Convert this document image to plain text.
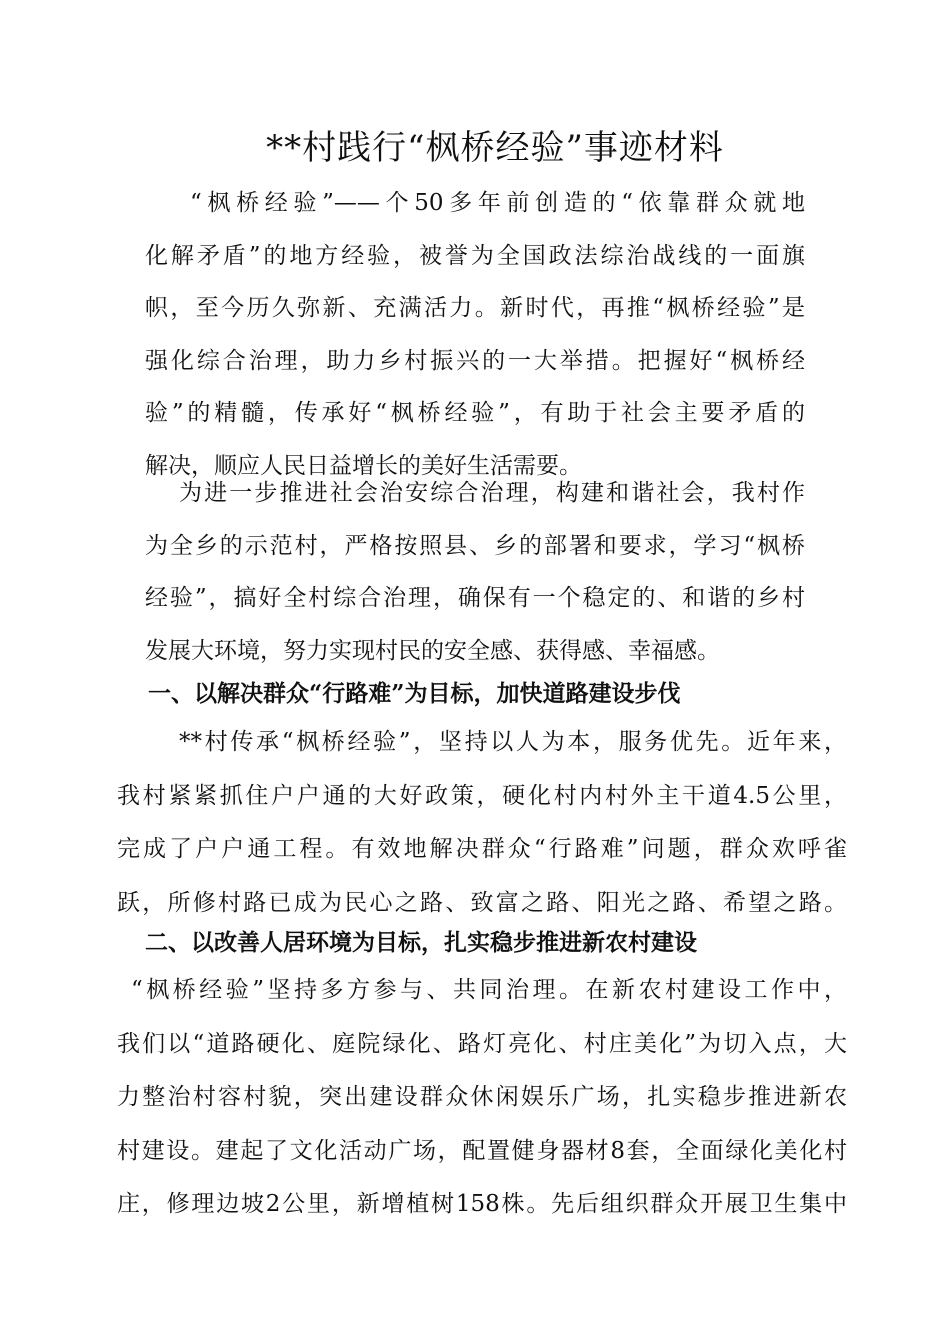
**村践行“枫桥经验”事迹材料
“枫桥经验”——个50多年前创造的“依靠群众就地
化解矛盾”的地方经验，被誉为全国政法综治战线的一面旗
帜，至今历久弥新、充满活力。新时代，再推“枫桥经验”是
强化综合治理，助力乡村振兴的一大举措。把握好“枫桥经
验”的精髓，传承好“枫桥经验”，有助于社会主要矛盾的
解决，顺应人民日益增长的美好生活需要。
为进一步推进社会治安综合治理，构建和谐社会，我村作
为全乡的示范村，严格按照县、乡的部署和要求，学习“枫桥
经验”，搞好全村综合治理，确保有一个稳定的、和谐的乡村
发展大环境，努力实现村民的安全感、获得感、幸福感。
一、以解决群众“行路难”为目标，加快道路建设步伐
**村传承“枫桥经验”，坚持以人为本，服务优先。近年来，
我村紧紧抓住户户通的大好政策，硬化村内村外主干道4.5公里，
完成了户户通工程。有效地解决群众“行路难”问题，群众欢呼雀
跃，所修村路已成为民心之路、致富之路、阳光之路、希望之路。
二、以改善人居环境为目标，扎实稳步推进新农村建设
“枫桥经验”坚持多方参与、共同治理。在新农村建设工作中，
我们以“道路硬化、庭院绿化、路灯亮化、村庄美化”为切入点，大
力整治村容村貌，突出建设群众休闲娱乐广场，扎实稳步推进新农
村建设。建起了文化活动广场，配置健身器材8套，全面绿化美化村
庄，修理边坡2公里，新增植树158株。先后组织群众开展卫生集中
